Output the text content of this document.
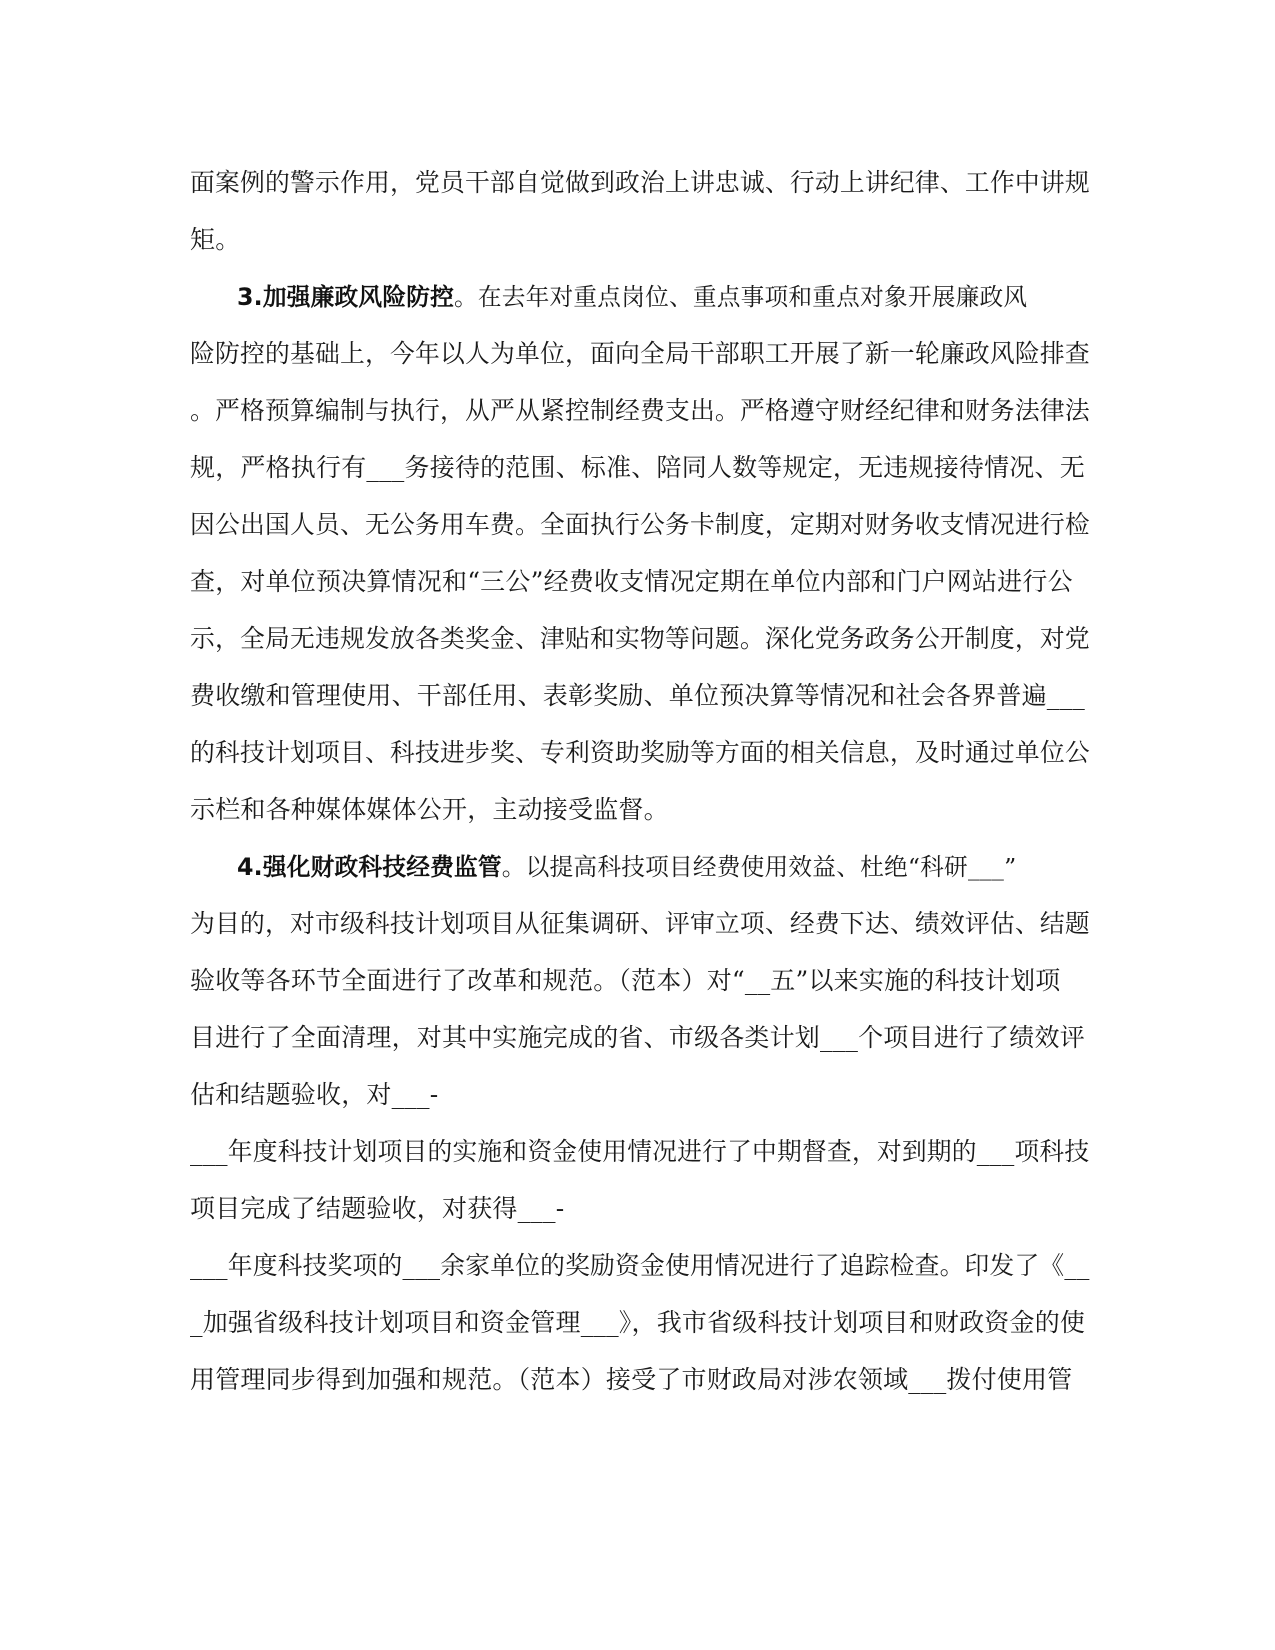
面案例的警示作用，党员干部自觉做到政治上讲忠诚、行动上讲纪律、工作中讲规
矩。
3.加强廉政风险防控。在去年对重点岗位、重点事项和重点对象开展廉政风
险防控的基础上，今年以人为单位，面向全局干部职工开展了新一轮廉政风险排查
。严格预算编制与执行，从严从紧控制经费支出。严格遵守财经纪律和财务法律法
规，严格执行有___务接待的范围、标准、陪同人数等规定，无违规接待情况、无
因公出国人员、无公务用车费。全面执行公务卡制度，定期对财务收支情况进行检
查，对单位预决算情况和“三公”经费收支情况定期在单位内部和门户网站进行公
示，全局无违规发放各类奖金、津贴和实物等问题。深化党务政务公开制度，对党
费收缴和管理使用、干部任用、表彰奖励、单位预决算等情况和社会各界普遍___
的科技计划项目、科技进步奖、专利资助奖励等方面的相关信息，及时通过单位公
示栏和各种媒体媒体公开，主动接受监督。
4.强化财政科技经费监管。以提高科技项目经费使用效益、杜绝“科研___”
为目的，对市级科技计划项目从征集调研、评审立项、经费下达、绩效评估、结题
验收等各环节全面进行了改革和规范。（范本）对“__五”以来实施的科技计划项
目进行了全面清理，对其中实施完成的省、市级各类计划___个项目进行了绩效评
估和结题验收，对___-
___年度科技计划项目的实施和资金使用情况进行了中期督查，对到期的___项科技
项目完成了结题验收，对获得___-
___年度科技奖项的___余家单位的奖励资金使用情况进行了追踪检查。印发了《__
_加强省级科技计划项目和资金管理___》，我市省级科技计划项目和财政资金的使
用管理同步得到加强和规范。（范本）接受了市财政局对涉农领域___拨付使用管
